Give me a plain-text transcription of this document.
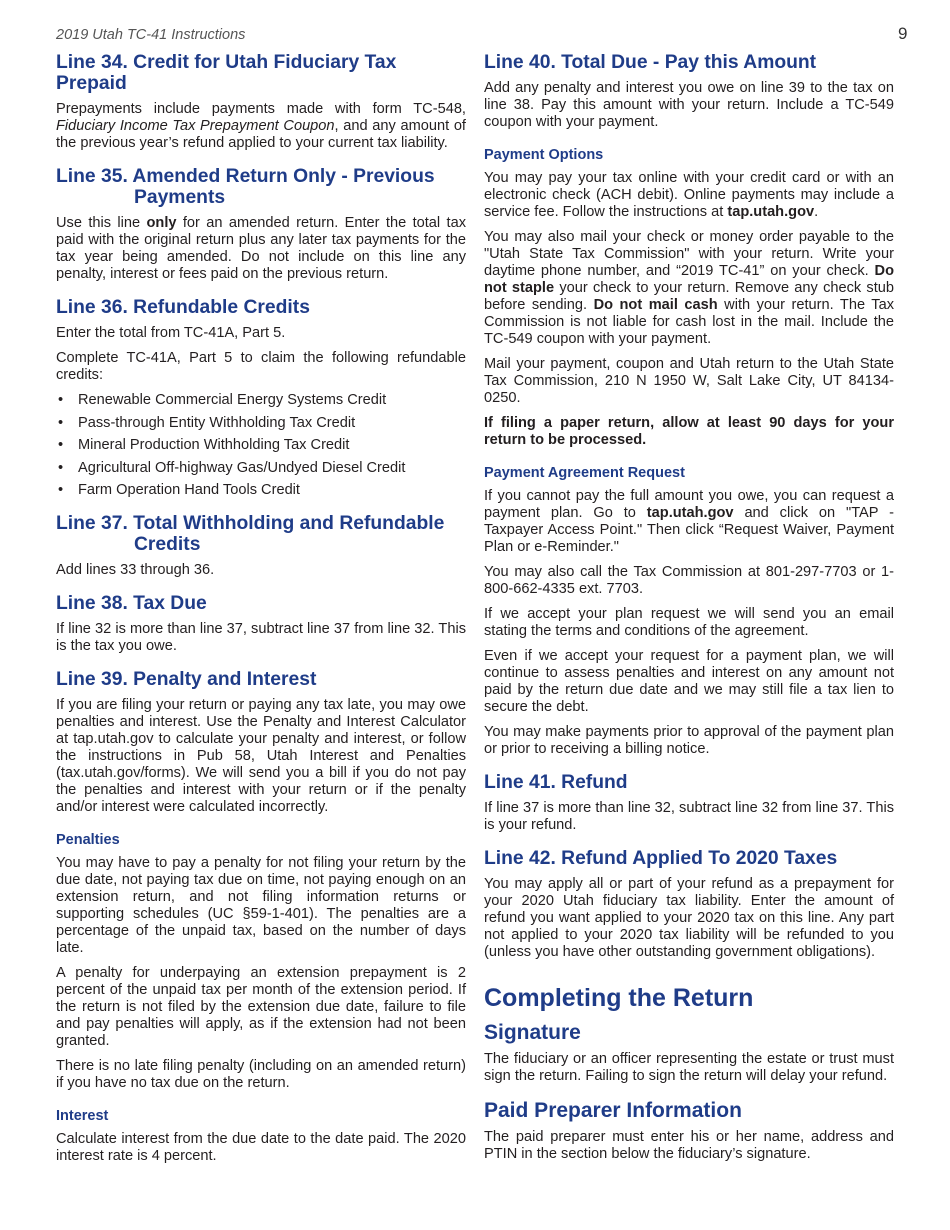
2019 Utah TC-41 Instructions	9
Line 34. Credit for Utah Fiduciary Tax Prepaid

Prepayments include payments made with form TC-548, Fiduciary Income Tax Prepayment Coupon, and any amount of the previous year’s refund applied to your current tax liability.

Line 35. Amended Return Only - Previous Payments

Use this line only for an amended return. Enter the total tax paid with the original return plus any later tax payments for the tax year being amended. Do not include on this line any penalty, interest or fees paid on the previous return.

Line 36. Refundable Credits

Enter the total from TC-41A, Part 5.

Complete TC-41A, Part 5 to claim the following refundable credits:

• Renewable Commercial Energy Systems Credit
• Pass-through Entity Withholding Tax Credit
• Mineral Production Withholding Tax Credit
• Agricultural Off-highway Gas/Undyed Diesel Credit
• Farm Operation Hand Tools Credit
Line 37. Total Withholding and Refundable Credits

Add lines 33 through 36.

Line 38. Tax Due

If line 32 is more than line 37, subtract line 37 from line 32. This is the tax you owe.

Line 39. Penalty and Interest

If you are filing your return or paying any tax late, you may owe penalties and interest. Use the Penalty and Interest Calculator at tap.utah.gov to calculate your penalty and interest, or follow the instructions in Pub 58, Utah Interest and Penalties (tax.utah.gov/forms). We will send you a bill if you do not pay the penalties and interest with your return or if the penalty and/or interest were calculated incorrectly.

Penalties

You may have to pay a penalty for not filing your return by the due date, not paying tax due on time, not paying enough on an extension return, and not filing information returns or supporting schedules (UC §59-1-401). The penalties are a percentage of the unpaid tax, based on the number of days late.

A penalty for underpaying an extension prepayment is 2 percent of the unpaid tax per month of the extension period. If the return is not filed by the extension due date, failure to file and pay penalties will apply, as if the extension had not been granted.

There is no late filing penalty (including on an amended return) if you have no tax due on the return.

Interest

Calculate interest from the due date to the date paid. The 2020 interest rate is 4 percent.

Line 40. Total Due - Pay this Amount

Add any penalty and interest you owe on line 39 to the tax on line 38. Pay this amount with your return. Include a TC-549 coupon with your payment.

Payment Options

You may pay your tax online with your credit card or with an electronic check (ACH debit). Online payments may include a service fee. Follow the instructions at tap.utah.gov.

You may also mail your check or money order payable to the "Utah State Tax Commission" with your return. Write your daytime phone number, and “2019 TC-41” on your check. Do not staple your check to your return. Remove any check stub before sending. Do not mail cash with your return. The Tax Commission is not liable for cash lost in the mail. Include the TC-549 coupon with your payment.

Mail your payment, coupon and Utah return to the Utah State Tax Commission, 210 N 1950 W, Salt Lake City, UT 84134-0250.

If filing a paper return, allow at least 90 days for your return to be processed.

Payment Agreement Request

If you cannot pay the full amount you owe, you can request a payment plan. Go to tap.utah.gov and click on "TAP - Taxpayer Access Point." Then click “Request Waiver, Payment Plan or e-Reminder."

You may also call the Tax Commission at 801-297-7703 or 1-800-662-4335 ext. 7703.

If we accept your plan request we will send you an email stating the terms and conditions of the agreement.

Even if we accept your request for a payment plan, we will continue to assess penalties and interest on any amount not paid by the return due date and we may still file a tax lien to secure the debt.

You may make payments prior to approval of the payment plan or prior to receiving a billing notice.

Line 41. Refund

If line 37 is more than line 32, subtract line 32 from line 37. This is your refund.

Line 42. Refund Applied To 2020 Taxes

You may apply all or part of your refund as a prepayment for your 2020 Utah fiduciary tax liability. Enter the amount of refund you want applied to your 2020 tax on this line. Any part not applied to your 2020 tax liability will be refunded to you (unless you have other outstanding government obligations).

Completing the Return
Signature

The fiduciary or an officer representing the estate or trust must sign the return. Failing to sign the return will delay your refund.

Paid Preparer Information

The paid preparer must enter his or her name, address and PTIN in the section below the fiduciary’s signature.
